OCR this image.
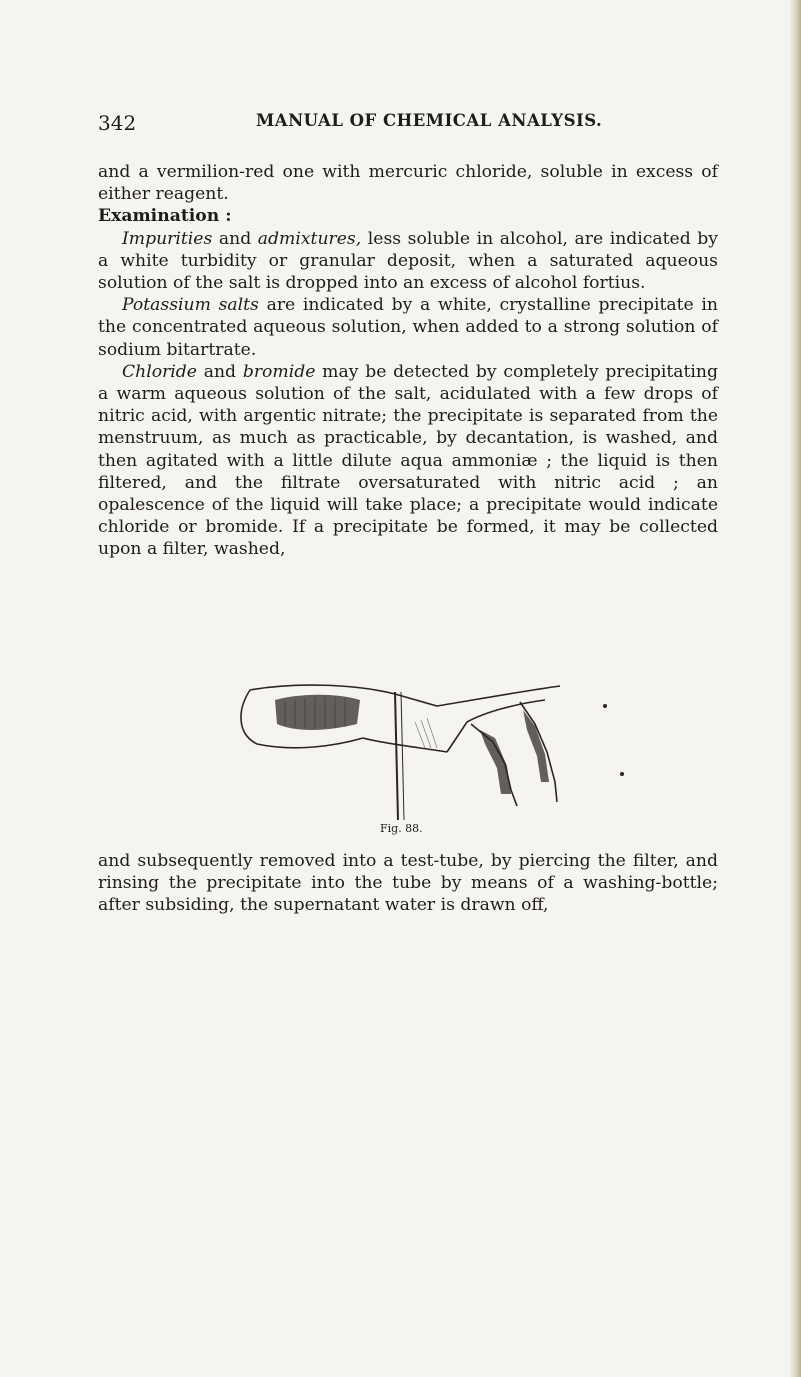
342	MANUAL OF CHEMICAL ANALYSIS.

and a vermilion-red one with mercuric chloride, soluble in excess of either reagent.

Examination :

Impurities and admixtures, less soluble in alcohol, are indicated by a white turbidity or granular deposit, when a saturated aqueous solution of the salt is dropped into an excess of alcohol fortius.

Potassium salts are indicated by a white, crystalline precipitate in the concentrated aqueous solution, when added to a strong solution of sodium bitartrate.

Chloride and bromide may be detected by completely precipitating a warm aqueous solution of the salt, acidulated with a few drops of nitric acid, with argentic nitrate; the precipitate is separated from the menstruum, as much as practicable, by decantation, is washed, and then agitated with a little dilute aqua ammoniæ ; the liquid is then filtered, and the filtrate oversaturated with nitric acid ; an opalescence of the liquid will take place; a precipitate would indicate chloride or bromide. If a precipitate be formed, it may be collected upon a filter, washed,

Fig. 88.

and subsequently removed into a test-tube, by piercing the filter, and rinsing the precipitate into the tube by means of a washing-bottle; after subsiding, the supernatant water is drawn off,
